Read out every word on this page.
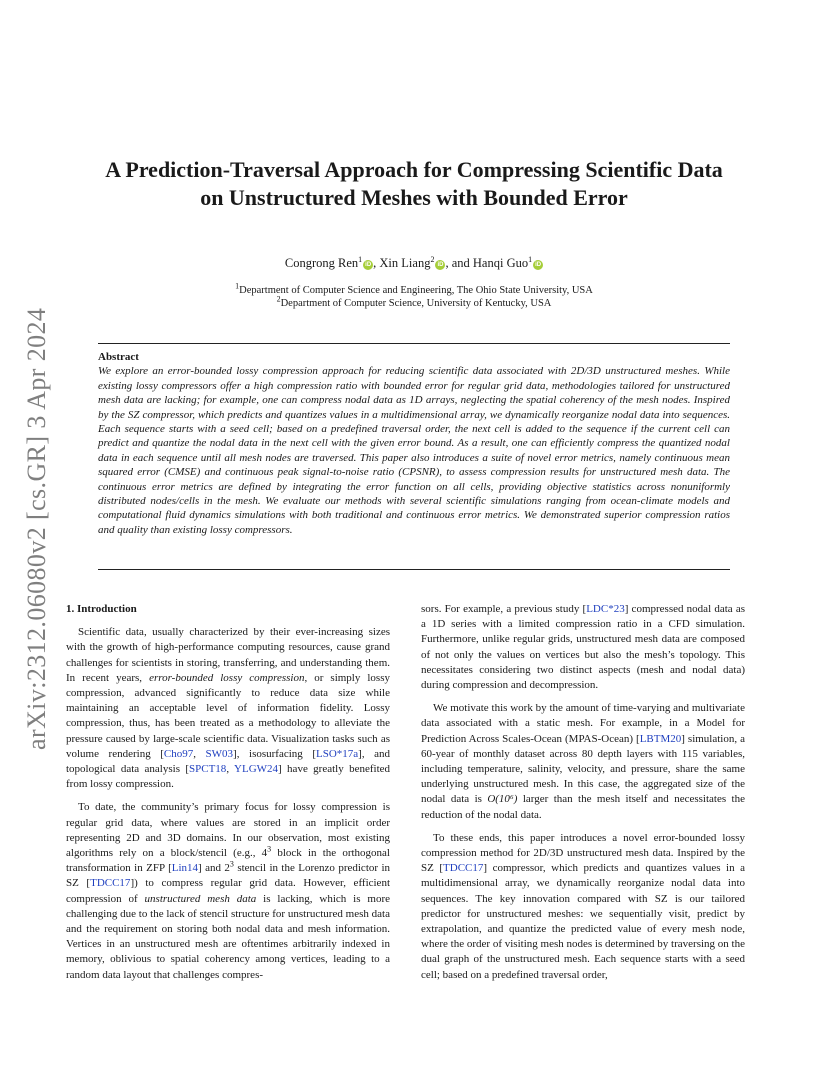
arXiv:2312.06080v2 [cs.GR] 3 Apr 2024
A Prediction-Traversal Approach for Compressing Scientific Data
on Unstructured Meshes with Bounded Error
Congrong Ren$^1$iD , Xin Liang$^2$iD , and Hanqi Guo$^1$iD
$^1$Department of Computer Science and Engineering, The Ohio State University, USA
$^2$Department of Computer Science, University of Kentucky, USA

Abstract

We explore an error-bounded lossy compression approach for reducing scientific data associated with 2D/3D unstructured meshes. While existing lossy compressors offer a high compression ratio with bounded error for regular grid data, methodologies tailored for unstructured mesh data are lacking; for example, one can compress nodal data as 1D arrays, neglecting the spatial coherency of the mesh nodes. Inspired by the SZ compressor, which predicts and quantizes values in a multidimensional array, we dynamically reorganize nodal data into sequences. Each sequence starts with a seed cell; based on a predefined traversal order, the next cell is added to the sequence if the current cell can predict and quantize the nodal data in the next cell with the given error bound. As a result, one can efficiently compress the quantized nodal data in each sequence until all mesh nodes are traversed. This paper also introduces a suite of novel error metrics, namely continuous mean squared error (CMSE) and continuous peak signal-to-noise ratio (CPSNR), to assess compression results for unstructured mesh data. The continuous error metrics are defined by integrating the error function on all cells, providing objective statistics across nonuniformly distributed nodes/cells in the mesh. We evaluate our methods with several scientific simulations ranging from ocean-climate models and computational fluid dynamics simulations with both traditional and continuous error metrics. We demonstrated superior compression ratios and quality than existing lossy compressors.

1. Introduction

Scientific data, usually characterized by their ever-increasing sizes with the growth of high-performance computing resources, cause grand challenges for scientists in storing, transferring, and understanding them. In recent years, error-bounded lossy compression, or simply lossy compression, advanced significantly to reduce data size while maintaining an acceptable level of information fidelity. Lossy compression, thus, has been treated as a methodology to alleviate the pressure caused by large-scale scientific data. Visualization tasks such as volume rendering [Cho97, SW03], isosurfacing [LSO*17a], and topological data analysis [SPCT18, YLGW24] have greatly benefited from lossy compression.

To date, the community’s primary focus for lossy compression is regular grid data, where values are stored in an implicit order representing 2D and 3D domains. In our observation, most existing algorithms rely on a block/stencil (e.g., $4^3$ block in the orthogonal transformation in ZFP [Lin14] and $2^3$ stencil in the Lorenzo predictor in SZ [TDCC17]) to compress regular grid data. However, efficient compression of unstructured mesh data is lacking, which is more challenging due to the lack of stencil structure for unstructured mesh data and the requirement on storing both nodal data and mesh information. Vertices in an unstructured mesh are oftentimes arbitrarily indexed in memory, oblivious to spatial coherency among vertices, leading to a random data layout that challenges compres-

sors. For example, a previous study [LDC*23] compressed nodal data as a 1D series with a limited compression ratio in a CFD simulation. Furthermore, unlike regular grids, unstructured mesh data are composed of not only the values on vertices but also the mesh’s topology. This necessitates considering two distinct aspects (mesh and nodal data) during compression and decompression.

We motivate this work by the amount of time-varying and multivariate data associated with a static mesh. For example, in a Model for Prediction Across Scales-Ocean (MPAS-Ocean) [LBTM20] simulation, a 60-year of monthly dataset across 80 depth layers with 115 variables, including temperature, salinity, velocity, and pressure, share the same underlying unstructured mesh. In this case, the aggregated size of the nodal data is O(10⁶) larger than the mesh itself and necessitates the reduction of the nodal data.

To these ends, this paper introduces a novel error-bounded lossy compression method for 2D/3D unstructured mesh data. Inspired by the SZ [TDCC17] compressor, which predicts and quantizes values in a multidimensional array, we dynamically reorganize nodal data into sequences. The key innovation compared with SZ is our tailored predictor for unstructured meshes: we sequentially visit, predict by extrapolation, and quantize the predicted value of every mesh node, where the order of visiting mesh nodes is determined by traversing on the dual graph of the unstructured mesh. Each sequence starts with a seed cell; based on a predefined traversal order,
